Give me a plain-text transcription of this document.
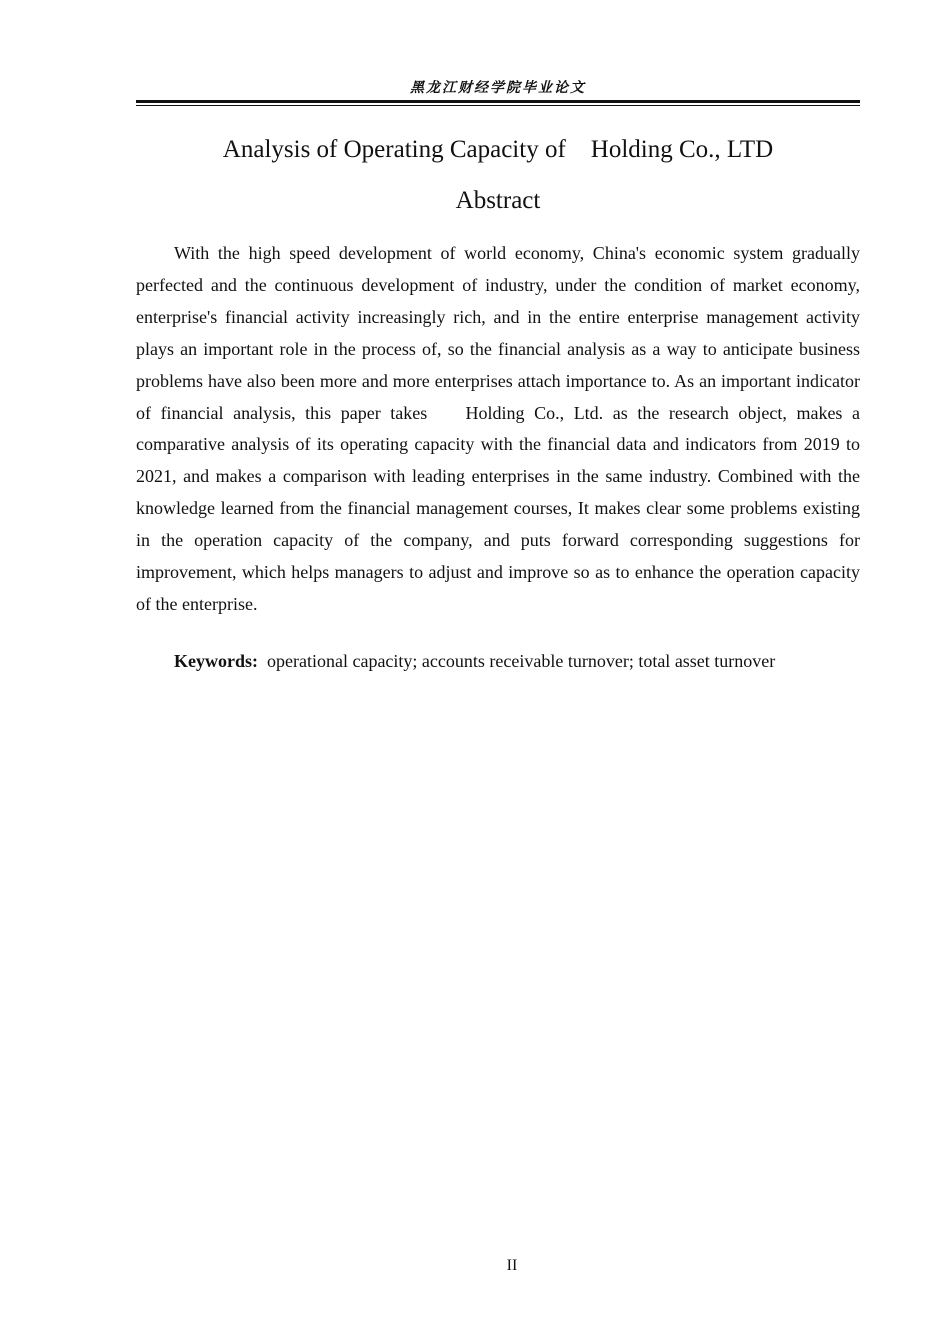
黑龙江财经学院毕业论文
Analysis of Operating Capacity of    Holding Co., LTD
Abstract

With the high speed development of world economy, China's economic system gradually perfected and the continuous development of industry, under the condition of market economy, enterprise's financial activity increasingly rich, and in the entire enterprise management activity plays an important role in the process of, so the financial analysis as a way to anticipate business problems have also been more and more enterprises attach importance to. As an important indicator of financial analysis, this paper takes    Holding Co., Ltd. as the research object, makes a comparative analysis of its operating capacity with the financial data and indicators from 2019 to 2021, and makes a comparison with leading enterprises in the same industry. Combined with the knowledge learned from the financial management courses, It makes clear some problems existing in the operation capacity of the company, and puts forward corresponding suggestions for improvement, which helps managers to adjust and improve so as to enhance the operation capacity of the enterprise.

Keywords: operational capacity; accounts receivable turnover; total asset turnover
II
